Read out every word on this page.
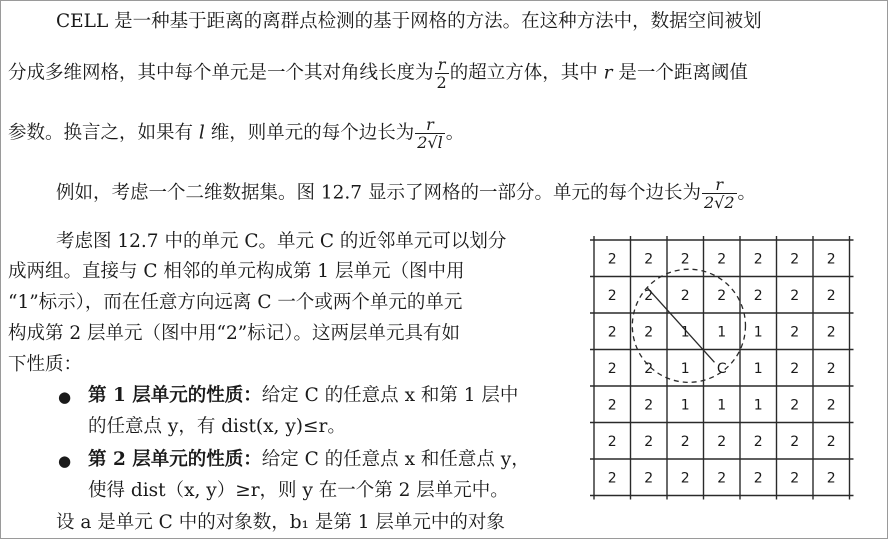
CELL 是一种基于距离的离群点检测的基于网格的方法。在这种方法中，数据空间被划
分成多维网格，其中每个单元是一个其对角线长度为 $\frac{r}{2}$ 的超立方体，其中 r 是一个距离阈值
参数。换言之，如果有 l 维，则单元的每个边长为 $\frac{r}{2√l}$ 。
例如，考虑一个二维数据集。图 12.7 显示了网格的一部分。单元的每个边长为 $\frac{r}{2√2}$ 。
考虑图 12.7 中的单元 C。单元 C 的近邻单元可以划分
成两组。直接与 C 相邻的单元构成第 1 层单元（图中用
“1”标示），而在任意方向远离 C 一个或两个单元的单元
构成第 2 层单元（图中用“2”标记）。这两层单元具有如
下性质：
● 第 1 层单元的性质：给定 C 的任意点 x 和第 1 层中
的任意点 y，有 dist(x, y)≤r。
● 第 2 层单元的性质：给定 C 的任意点 x 和任意点 y，
使得 dist（x, y）≥r，则 y 在一个第 2 层单元中。
设 a 是单元 C 中的对象数，b₁ 是第 1 层单元中的对象
2 2 2 2 2 2 2
2 2 2 2 2 2 2
2 2 1 1 1 2 2
2 2 1 C 1 2 2
2 2 1 1 1 2 2
2 2 2 2 2 2 2
2 2 2 2 2 2 2
